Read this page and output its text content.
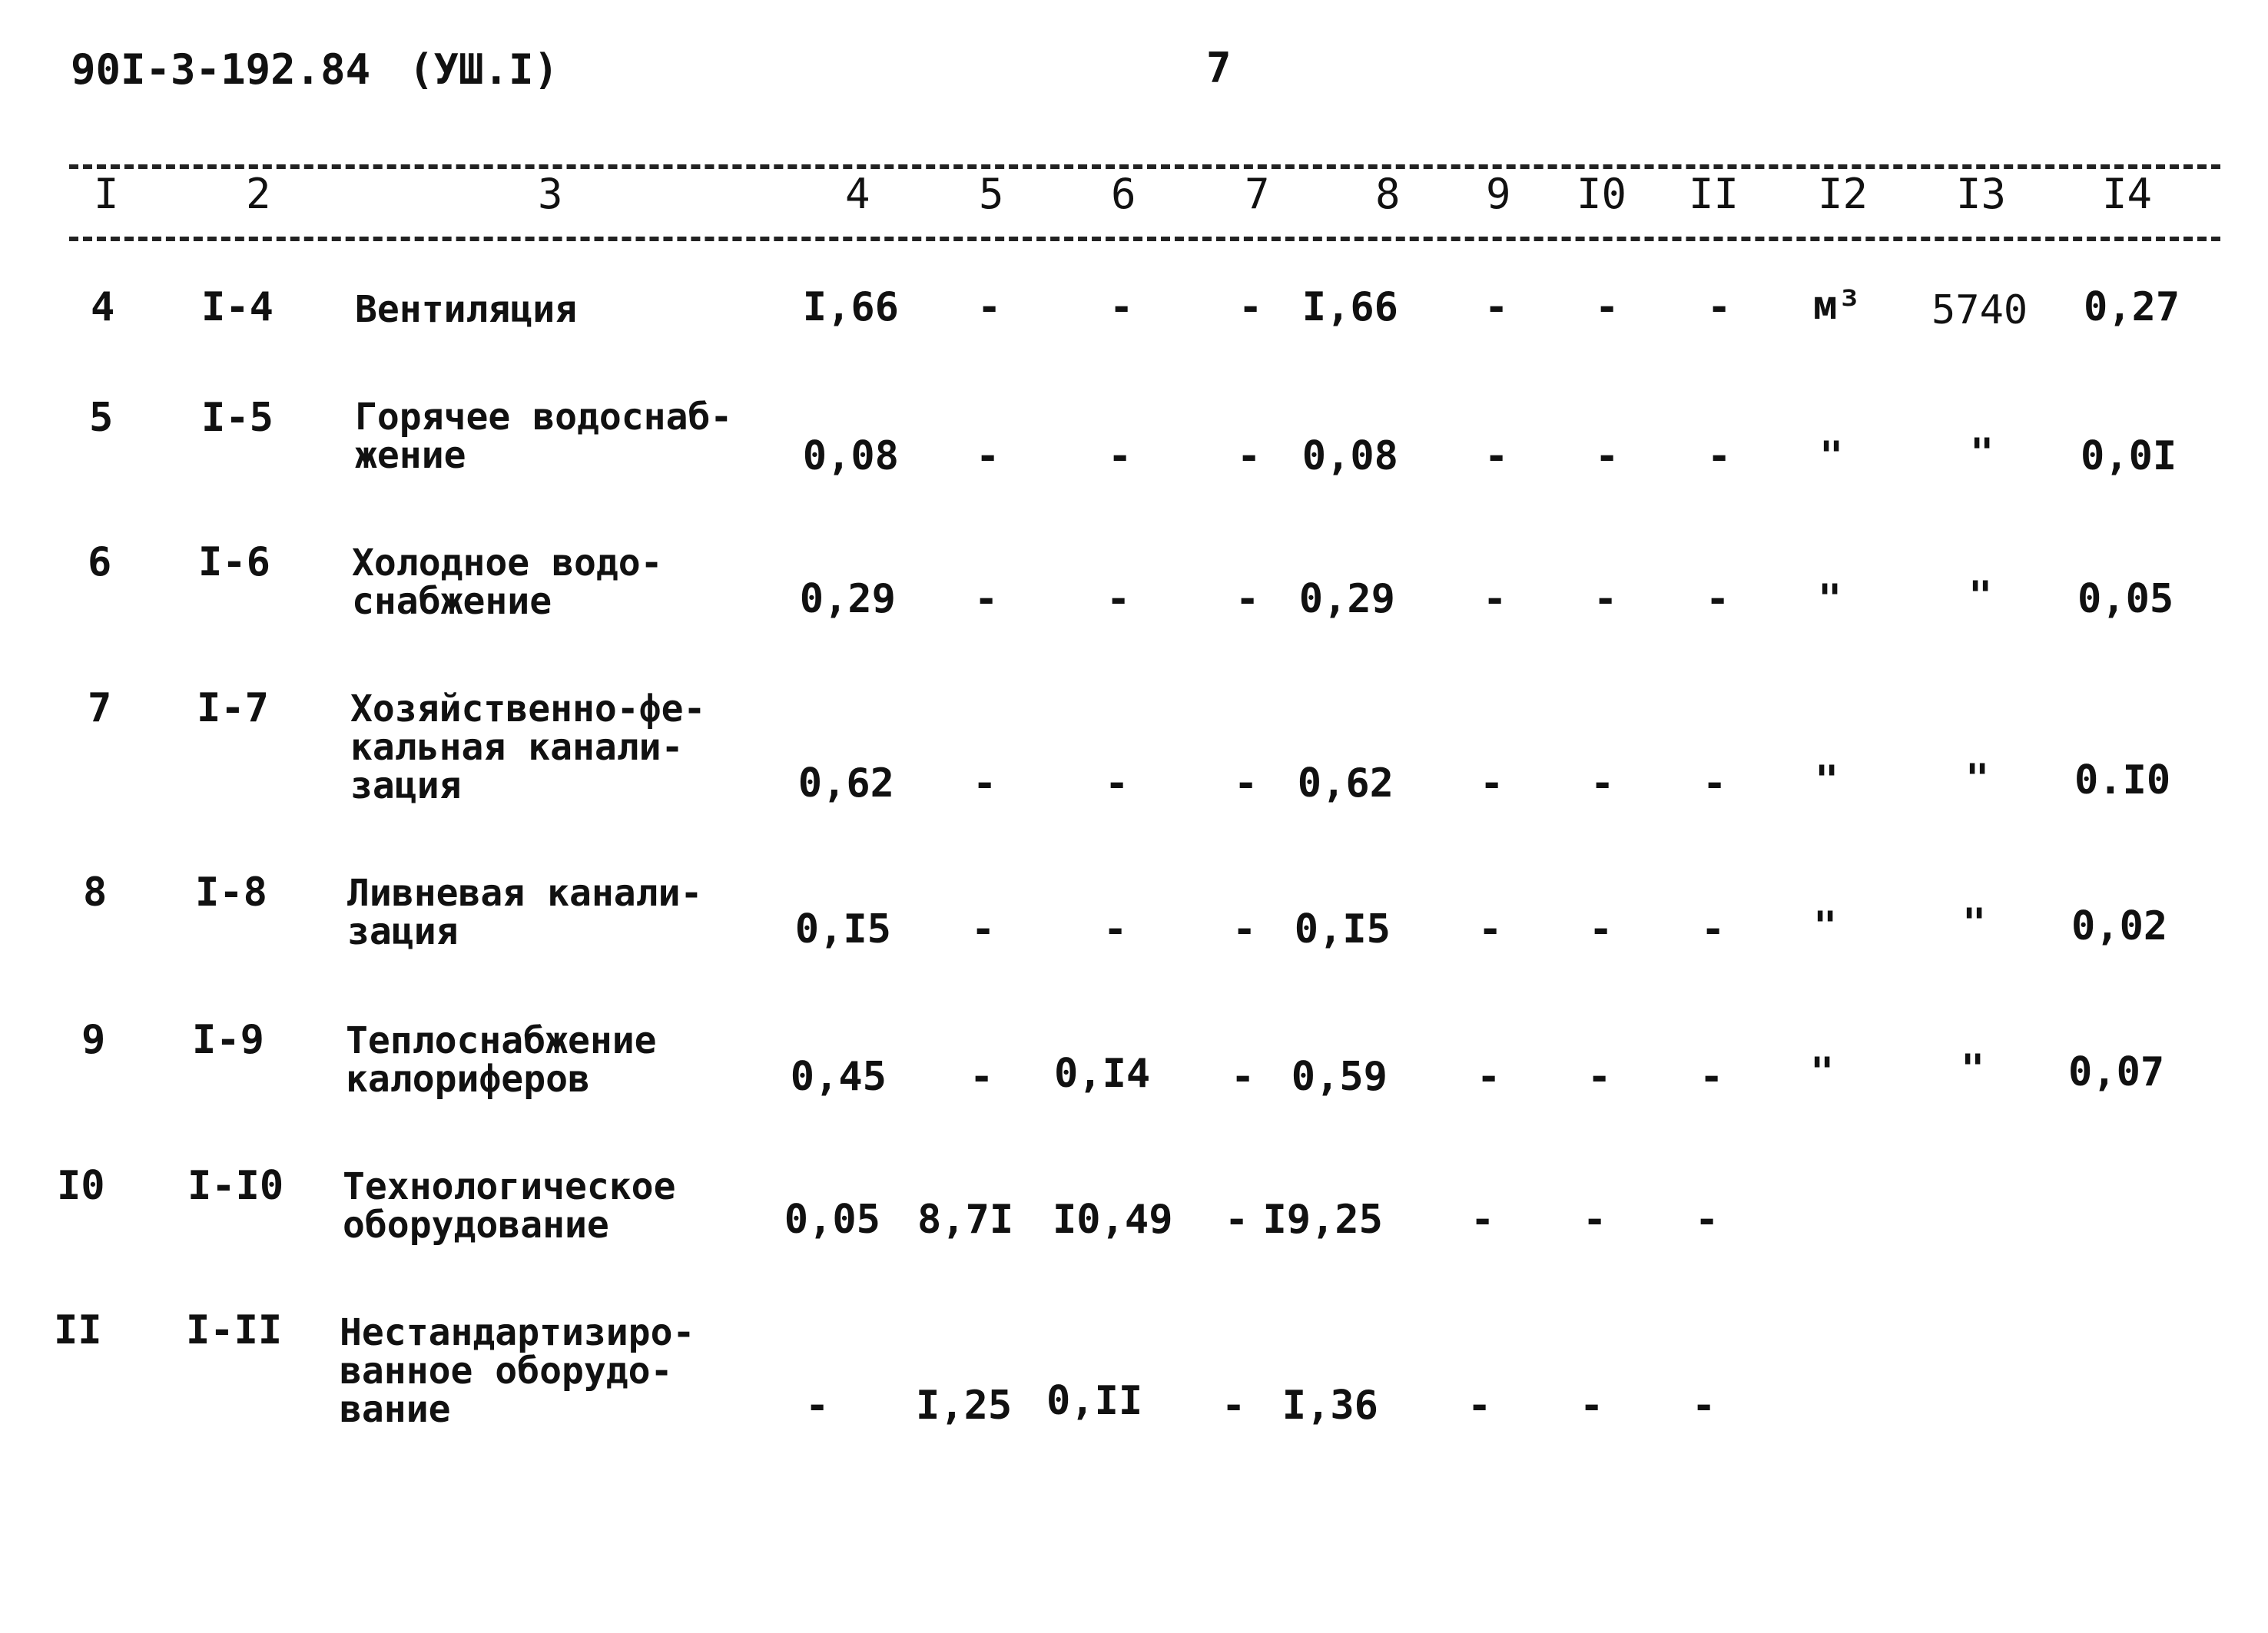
90I-3-192.84 (УШ.I)	7
I	2	3	4	5	6	7	8 9 I0 II I2 I3 I4
4 I-4 Вентиляция	I,66 -	-	- I,66 - - - м³ 5740 0,27
5 I-5 Горячее водоснаб-
жение	0,08 -	-	-	0,08 - - - "	" 0,0I
6 I-6 Холодное водо-
снабжение	0,29 -	-	- 0,29 - - - "	" 0,05
7 I-7 Хозяйственно-фе-
кальная канали-
зация	0,62 -	-	- 0,62 - - - "	" 0.I0
8 I-8 Ливневая канали-
зация	0,I5 -	-	- 0,I5 - - - "	" 0,02
9 I-9 Теплоснабжение
калориферов	0,45 - 0,I4 - 0,59 - - - "	" 0,07
I0 I-I0 Технологическое
оборудование	0,05 8,7I I0,49 - I9,25 - - -
II I-II Нестандартизиро-
ванное оборудо-
вание	- I,25 0,II - I,36 - - -
